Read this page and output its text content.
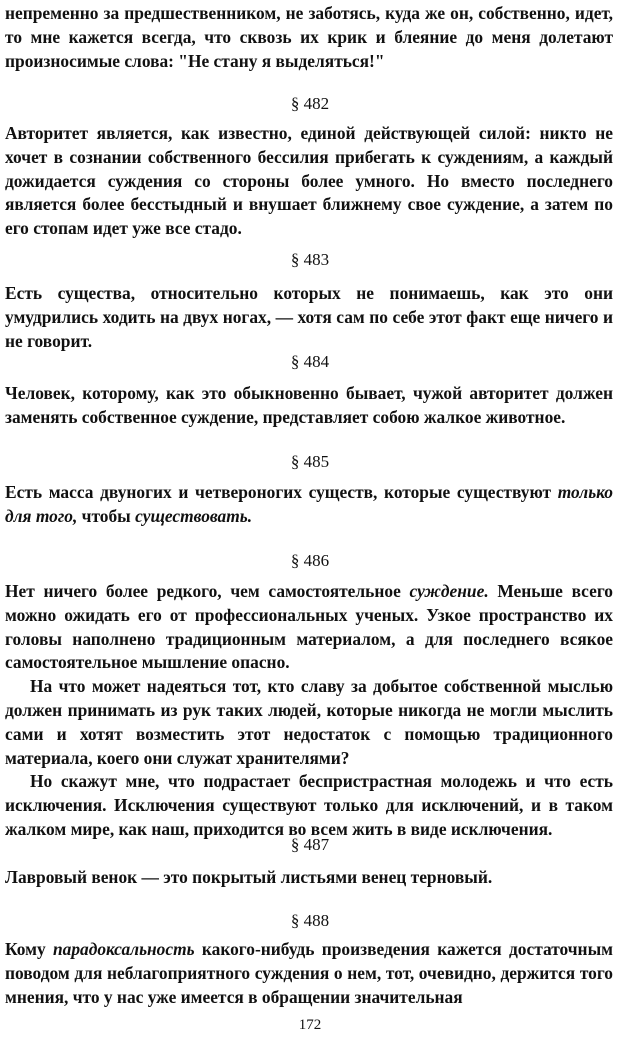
непременно за предшественником, не заботясь, куда же он, собственно, идет, то мне кажется всегда, что сквозь их крик и блеяние до меня долетают произносимые слова: "Не стану я выделяться!"

§ 482

Авторитет является, как известно, единой действующей силой: никто не хочет в сознании собственного бессилия прибегать к суждениям, а каждый дожидается суждения со стороны более умного. Но вместо последнего является более бесстыдный и внушает ближнему свое суждение, а затем по его стопам идет уже все стадо.

§ 483

Есть существа, относительно которых не понимаешь, как это они умудрились ходить на двух ногах, — хотя сам по себе этот факт еще ничего и не говорит.

§ 484

Человек, которому, как это обыкновенно бывает, чужой авторитет должен заменять собственное суждение, представляет собою жалкое животное.

§ 485

Есть масса двуногих и четвероногих существ, которые существуют только для того, чтобы существовать.

§ 486

Нет ничего более редкого, чем самостоятельное суждение. Меньше всего можно ожидать его от профессиональных ученых. Узкое пространство их головы наполнено традиционным материалом, а для последнего всякое самостоятельное мышление опасно.

На что может надеяться тот, кто славу за добытое собственной мыслью должен принимать из рук таких людей, которые никогда не могли мыслить сами и хотят возместить этот недостаток с помощью традиционного материала, коего они служат хранителями?

Но скажут мне, что подрастает беспристрастная молодежь и что есть исключения. Исключения существуют только для исключений, и в таком жалком мире, как наш, приходится во всем жить в виде исключения.

§ 487

Лавровый венок — это покрытый листьями венец терновый.

§ 488

Кому парадоксальность какого-нибудь произведения кажется достаточным поводом для неблагоприятного суждения о нем, тот, очевидно, держится того мнения, что у нас уже имеется в обращении значительная

172
